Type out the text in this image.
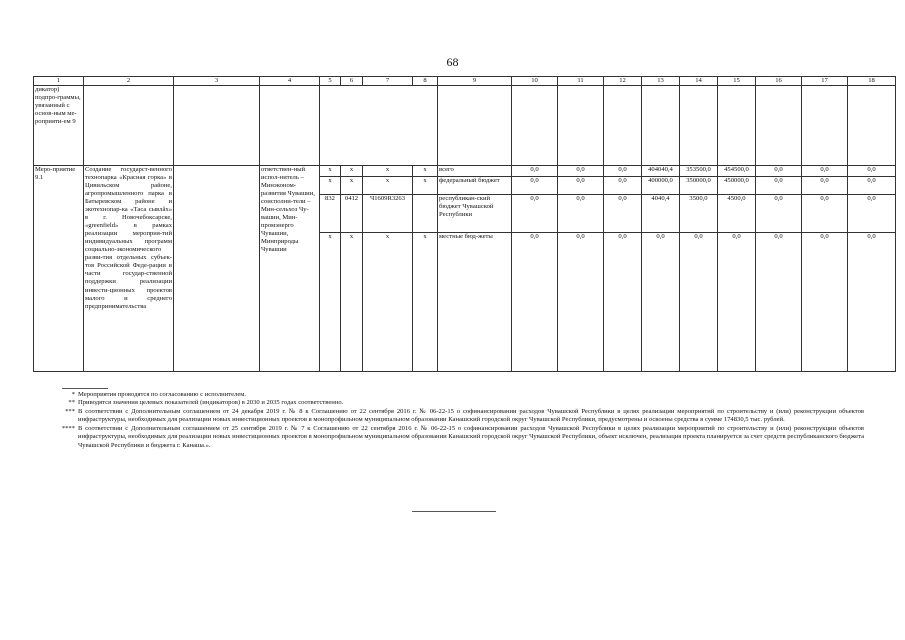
68
1	2	3	4	5	6	7	8	9	10	11	12	13	14	15	16	17	18
дикатор) подпро-граммы, увязанный с основ-ным ме-роприяти-ем 9																	
Меро-приятие 9.1	Создание государст-венного технопарка «Красная горка» в Цивильском районе, агропромышленного парка в Батыревском районе и экотехнопар-ка «Таса сывлăх» в г. Новочебоксарске, «greenfield» в рамках реализации мероприя-тий индивидуальных программ социально-экономического разви-тия отдельных субъек-тов Российской Феде-рации в части государ-ственной поддержки реализации инвести-ционных проектов малого и среднего предпринимательства		ответствен-ный испол-нитель – Минэконом-развития Чувашии, соисполни-тели – Мин-сельхоз Чу-вашии, Мин-промэнерго Чувашии, Минприроды Чувашии	x	x	x	x	всего	0,0	0,0	0,0	404040,4	353500,0	454500,0	0,0	0,0	0,0
				x	x	x	x	федеральный бюджет	0,0	0,0	0,0	400000,0	350000,0	450000,0	0,0	0,0	0,0
				832	0412	Ч1609R3263		республикан-ский бюджет Чувашской Республики	0,0	0,0	0,0	4040,4	3500,0	4500,0	0,0	0,0	0,0
				x	x	x	x	местные бюд-жеты	0,0	0,0	0,0	0,0	0,0	0,0	0,0	0,0	0,0
* Мероприятия проводятся по согласованию с исполнителем.
** Приводятся значения целевых показателей (индикаторов) в 2030 и 2035 годах соответственно.
*** В соответствии с Дополнительным соглашением от 24 декабря 2019 г. № 8 к Соглашению от 22 сентября 2016 г. № 06-22-15 о софинансировании расходов Чувашской Республики в целях реализации мероприятий по строительству и (или) реконструкции объектов инфраструктуры, необходимых для реализации новых инвестиционных проектов в монопрофильном муниципальном образовании Канашский городской округ Чувашской Республики, предусмотрены и освоены средства в сумме 174830,5 тыс. рублей.
**** В соответствии с Дополнительным соглашением от 25 сентября 2019 г. № 7 к Соглашению от 22 сентября 2016 г. № 06-22-15 о софинансировании расходов Чувашской Республики в целях реализации мероприятий по строительству и (или) реконструкции объектов инфраструктуры, необходимых для реализации новых инвестиционных проектов в монопрофильном муниципальном образовании Канашский городской округ Чувашской Республики, объект исключен, реализация проекта планируется за счет средств республиканского бюджета Чувашской Республики и бюджета г. Канаша.».
